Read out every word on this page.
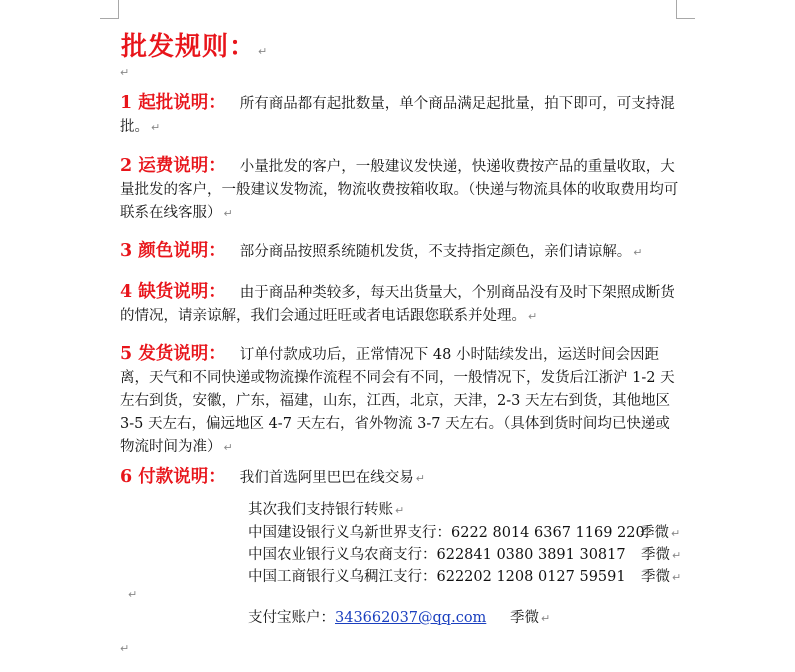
批发规则： ↵
↵
1 起批说明： 所有商品都有起批数量，单个商品满足起批量，拍下即可，可支持混批。 ↵
2 运费说明： 小量批发的客户，一般建议发快递，快递收费按产品的重量收取，大量批发的客户，一般建议发物流，物流收费按箱收取。（快递与物流具体的收取费用均可联系在线客服） ↵
3 颜色说明： 部分商品按照系统随机发货，不支持指定颜色，亲们请谅解。 ↵
4 缺货说明： 由于商品种类较多，每天出货量大，个别商品没有及时下架照成断货的情况，请亲谅解，我们会通过旺旺或者电话跟您联系并处理。 ↵
5 发货说明： 订单付款成功后，正常情况下 48 小时陆续发出，运送时间会因距离，天气和不同快递或物流操作流程不同会有不同，一般情况下，发货后江浙沪 1-2 天左右到货，安徽，广东，福建，山东，江西，北京，天津，2-3 天左右到货，其他地区 3-5 天左右，偏远地区 4-7 天左右，省外物流 3-7 天左右。（具体到货时间均已快递或物流时间为准） ↵
6 付款说明： 我们首选阿里巴巴在线交易 ↵
其次我们支持银行转账 ↵
中国建设银行义乌新世界支行：6222 8014 6367 1169 220
季微 ↵
中国农业银行义乌农商支行：622841 0380 3891 30817 季微 ↵
中国工商银行义乌稠江支行：622202 1208 0127 59591 季微 ↵
↵
支付宝账户：343662037@qq.com 季微 ↵
↵
